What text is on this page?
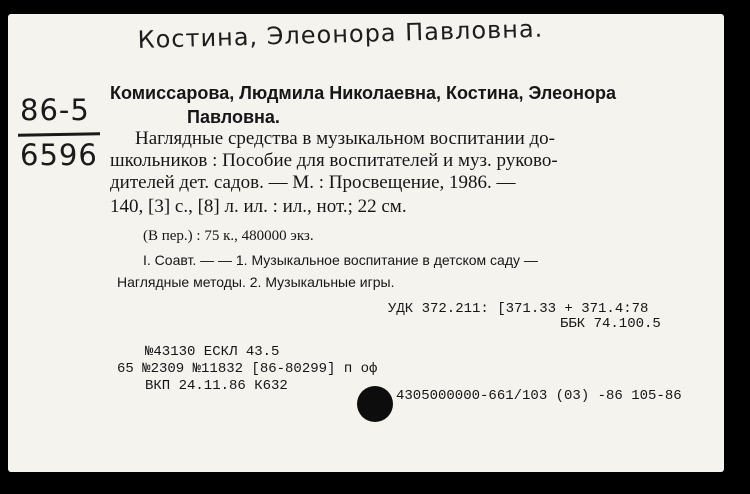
Костина, Элеонора Павловна.
86-5
6596
Комиссарова, Людмила Николаевна, Костина, Элеонора
Павловна.
Наглядные средства в музыкальном воспитании до-
школьников : Пособие для воспитателей и муз. руково-
дителей дет. садов. — М. : Просвещение, 1986. —
140, [3] с., [8] л. ил. : ил., нот.; 22 см.
(В пер.) : 75 к., 480000 экз.
I. Соавт. — — 1. Музыкальное воспитание в детском саду —
Наглядные методы. 2. Музыкальные игры.
УДК 372.211: [371.33 + 371.4:78
ББК 74.100.5
№43130 ЕСКЛ 43.5
65 №2309 №11832 [86-80299] п оф
ВКП 24.11.86 К632
4305000000-661/103 (03) -86 105-86
